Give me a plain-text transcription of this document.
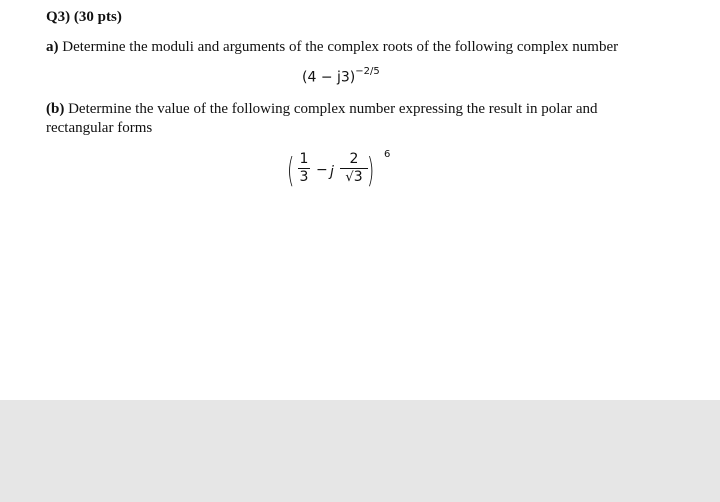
Q3) (30 pts)
a) Determine the moduli and arguments of the complex roots of the following complex number
$(4 - j3)^{-2/5}$
(b) Determine the value of the following complex number expressing the result in polar and rectangular forms
( 1
3 − j
2
√3 ) 6
